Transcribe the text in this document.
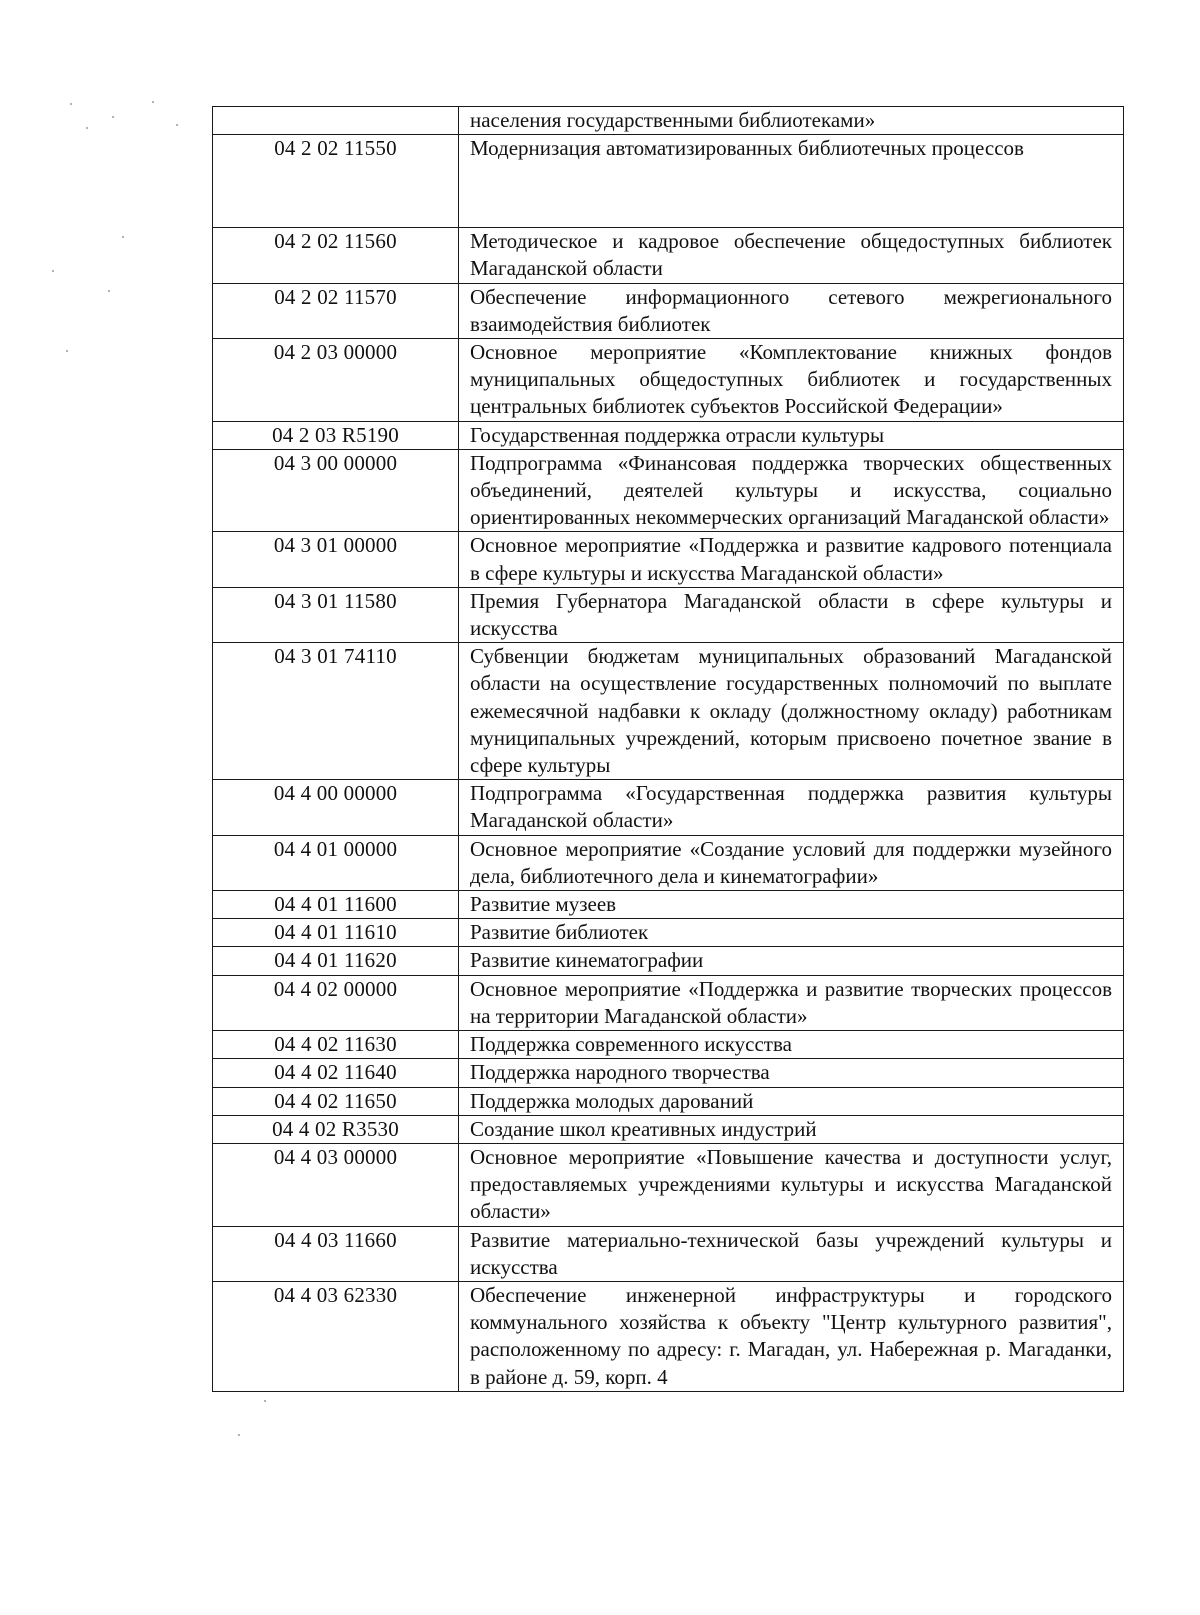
	населения государственными библиотеками»
04 2 02 11550	Модернизация автоматизированных библиотечных процессов
04 2 02 11560	Методическое и кадровое обеспечение общедоступных библиотек Магаданской области
04 2 02 11570	Обеспечение информационного сетевого межрегионального взаимодействия библиотек
04 2 03 00000	Основное мероприятие «Комплектование книжных фондов муниципальных общедоступных библиотек и государственных центральных библиотек субъектов Российской Федерации»
04 2 03 R5190	Государственная поддержка отрасли культуры
04 3 00 00000	Подпрограмма «Финансовая поддержка творческих общественных объединений, деятелей культуры и искусства, социально ориентированных некоммерческих организаций Магаданской области»
04 3 01 00000	Основное мероприятие «Поддержка и развитие кадрового потенциала в сфере культуры и искусства Магаданской области»
04 3 01 11580	Премия Губернатора Магаданской области в сфере культуры и искусства
04 3 01 74110	Субвенции бюджетам муниципальных образований Магаданской области на осуществление государственных полномочий по выплате ежемесячной надбавки к окладу (должностному окладу) работникам муниципальных учреждений, которым присвоено почетное звание в сфере культуры
04 4 00 00000	Подпрограмма «Государственная поддержка развития культуры Магаданской области»
04 4 01 00000	Основное мероприятие «Создание условий для поддержки музейного дела, библиотечного дела и кинематографии»
04 4 01 11600	Развитие музеев
04 4 01 11610	Развитие библиотек
04 4 01 11620	Развитие кинематографии
04 4 02 00000	Основное мероприятие «Поддержка и развитие творческих процессов на территории Магаданской области»
04 4 02 11630	Поддержка современного искусства
04 4 02 11640	Поддержка народного творчества
04 4 02 11650	Поддержка молодых дарований
04 4 02 R3530	Создание школ креативных индустрий
04 4 03 00000	Основное мероприятие «Повышение качества и доступности услуг, предоставляемых учреждениями культуры и искусства Магаданской области»
04 4 03 11660	Развитие материально-технической базы учреждений культуры и искусства
04 4 03 62330	Обеспечение инженерной инфраструктуры и городского коммунального хозяйства к объекту "Центр культурного развития", расположенному по адресу: г. Магадан, ул. Набережная р. Магаданки, в районе д. 59, корп. 4
